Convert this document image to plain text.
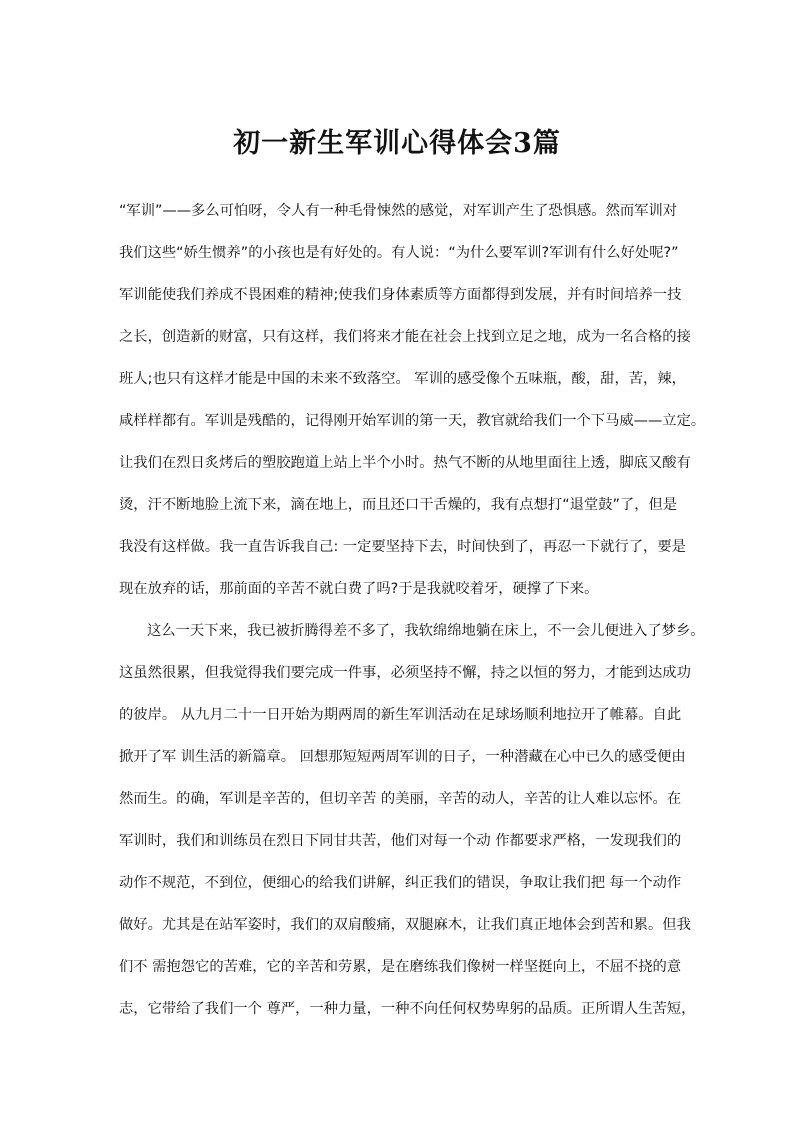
初一新生军训心得体会3篇
“军训”——多么可怕呀，令人有一种毛骨悚然的感觉，对军训产生了恐惧感。然而军训对
我们这些“娇生惯养”的小孩也是有好处的。有人说：“为什么要军训?军训有什么好处呢?”
军训能使我们养成不畏困难的精神;使我们身体素质等方面都得到发展，并有时间培养一技
之长，创造新的财富，只有这样，我们将来才能在社会上找到立足之地，成为一名合格的接
班人;也只有这样才能是中国的未来不致落空。 军训的感受像个五味瓶，酸，甜，苦，辣，
咸样样都有。军训是残酷的，记得刚开始军训的第一天，教官就给我们一个下马威——立定。
让我们在烈日炙烤后的塑胶跑道上站上半个小时。热气不断的从地里面往上透，脚底又酸有
烫，汗不断地脸上流下来，滴在地上，而且还口干舌燥的，我有点想打“退堂鼓”了，但是
我没有这样做。我一直告诉我自己: 一定要坚持下去，时间快到了，再忍一下就行了，要是
现在放弃的话，那前面的辛苦不就白费了吗?于是我就咬着牙，硬撑了下来。
这么一天下来，我已被折腾得差不多了，我软绵绵地躺在床上，不一会儿便进入了梦乡。
这虽然很累，但我觉得我们要完成一件事，必须坚持不懈，持之以恒的努力，才能到达成功
的彼岸。 从九月二十一日开始为期两周的新生军训活动在足球场顺利地拉开了帷幕。自此
掀开了军 训生活的新篇章。 回想那短短两周军训的日子，一种潜藏在心中已久的感受便由
然而生。的确，军训是辛苦的，但切辛苦 的美丽，辛苦的动人，辛苦的让人难以忘怀。在
军训时，我们和训练员在烈日下同甘共苦，他们对每一个动 作都要求严格，一发现我们的
动作不规范，不到位，便细心的给我们讲解，纠正我们的错误，争取让我们把 每一个动作
做好。尤其是在站军姿时，我们的双肩酸痛，双腿麻木，让我们真正地体会到苦和累。但我
们不 需抱怨它的苦难，它的辛苦和劳累，是在磨练我们像树一样坚挺向上，不屈不挠的意
志，它带给了我们一个 尊严，一种力量，一种不向任何权势卑躬的品质。正所谓人生苦短，
